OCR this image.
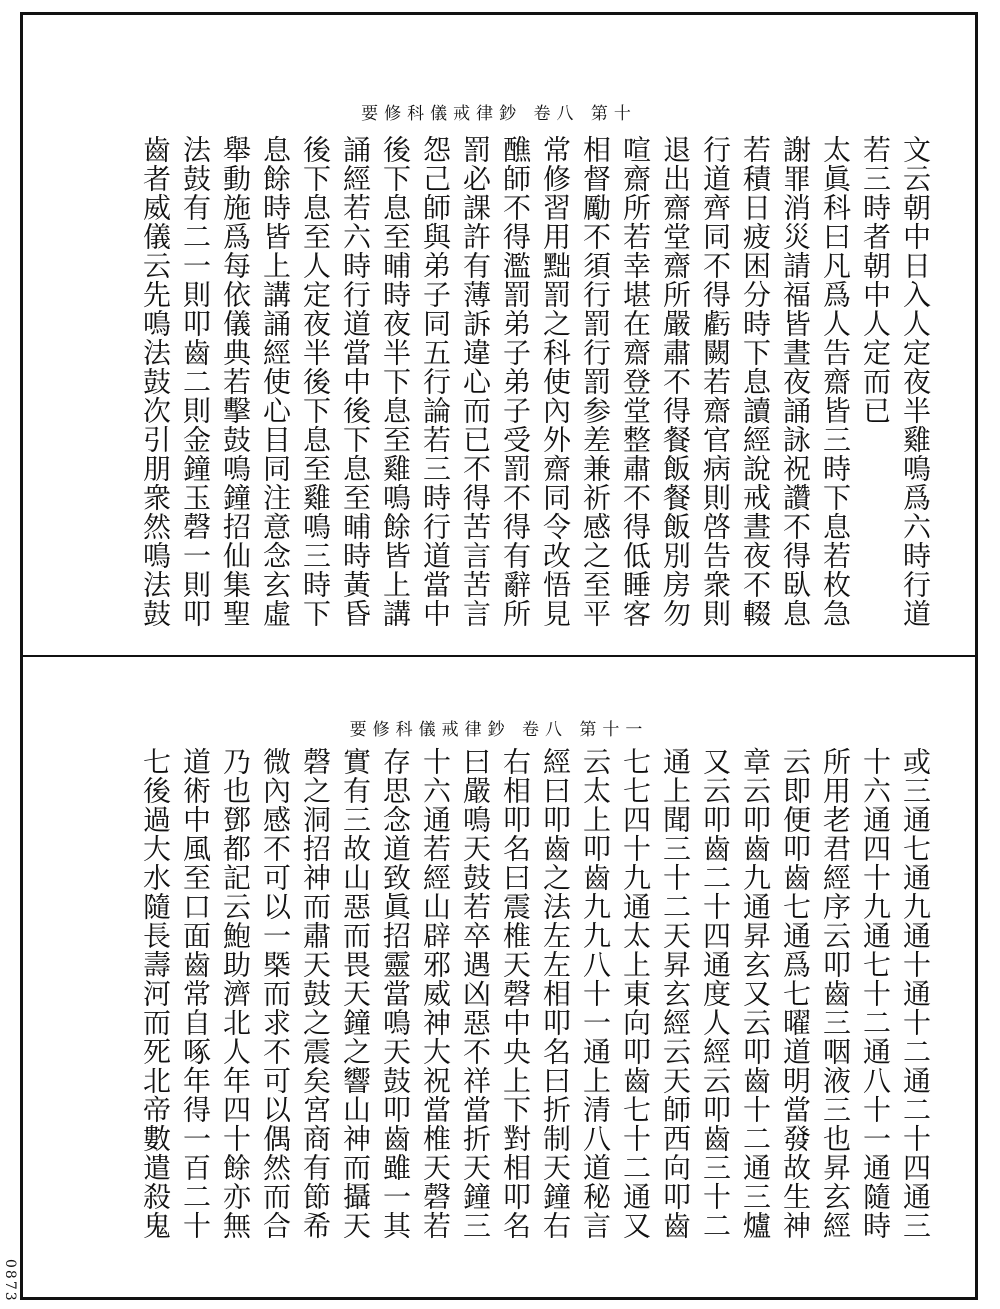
要修科儀戒律鈔 卷八 第十
文云朝中日入人定夜半雞鳴爲六時行道
若三時者朝中人定而已
太眞科曰凡爲人告齋皆三時下息若枚急
謝罪消災請福皆晝夜誦詠祝讚不得臥息
若積日疲困分時下息讀經說戒晝夜不輟
行道齊同不得虧闕若齋官病則啓告衆則
退出齋堂齋所嚴肅不得餐飯餐飯別房勿
喧齋所若幸堪在齋登堂整肅不得低睡客
相督勵不須行罰行罰参差兼祈感之至平
常修習用黜罰之科使內外齋同令改悟見
醮師不得濫罰弟子弟子受罰不得有辭所
罰必課許有薄訴違心而已不得苦言苦言
怨己師與弟子同五行論若三時行道當中
後下息至晡時夜半下息至雞鳴餘皆上講
誦經若六時行道當中後下息至晡時黃昏
後下息至人定夜半後下息至雞鳴三時下
息餘時皆上講誦經使心目同注意念玄虛
舉動施爲每依儀典若擊鼓鳴鐘招仙集聖
法鼓有二一則叩齒二則金鐘玉磬一則叩
齒者威儀云先鳴法鼓次引朋衆然鳴法鼓
要修科儀戒律鈔 卷八 第十一
或三通七通九通十通十二通二十四通三
十六通四十九通七十二通八十一通隨時
所用老君經序云叩齒三咽液三也昇玄經
云即便叩齒七通爲七曜道明當發故生神
章云叩齒九通昇玄又云叩齒十二通三爐
又云叩齒二十四通度人經云叩齒三十二
通上聞三十二天昇玄經云天師西向叩齒
七七四十九通太上東向叩齒七十二通又
云太上叩齒九九八十一通上清八道秘言
經曰叩齒之法左左相叩名曰折制天鐘右
右相叩名曰震椎天磬中央上下對相叩名
曰嚴鳴天鼓若卒遇凶惡不祥當折天鐘三
十六通若經山辟邪威神大祝當椎天磬若
存思念道致眞招靈當鳴天鼓叩齒雖一其
實有三故山惡而畏天鐘之響山神而攝天
磬之洞招神而肅天鼓之震矣宮商有節希
微內感不可以一槩而求不可以偶然而合
乃也鄧都記云鮑助濟北人年四十餘亦無
道術中風至口面齒常自啄年得一百二十
七後過大水隨長壽河而死北帝數遣殺鬼
0873
